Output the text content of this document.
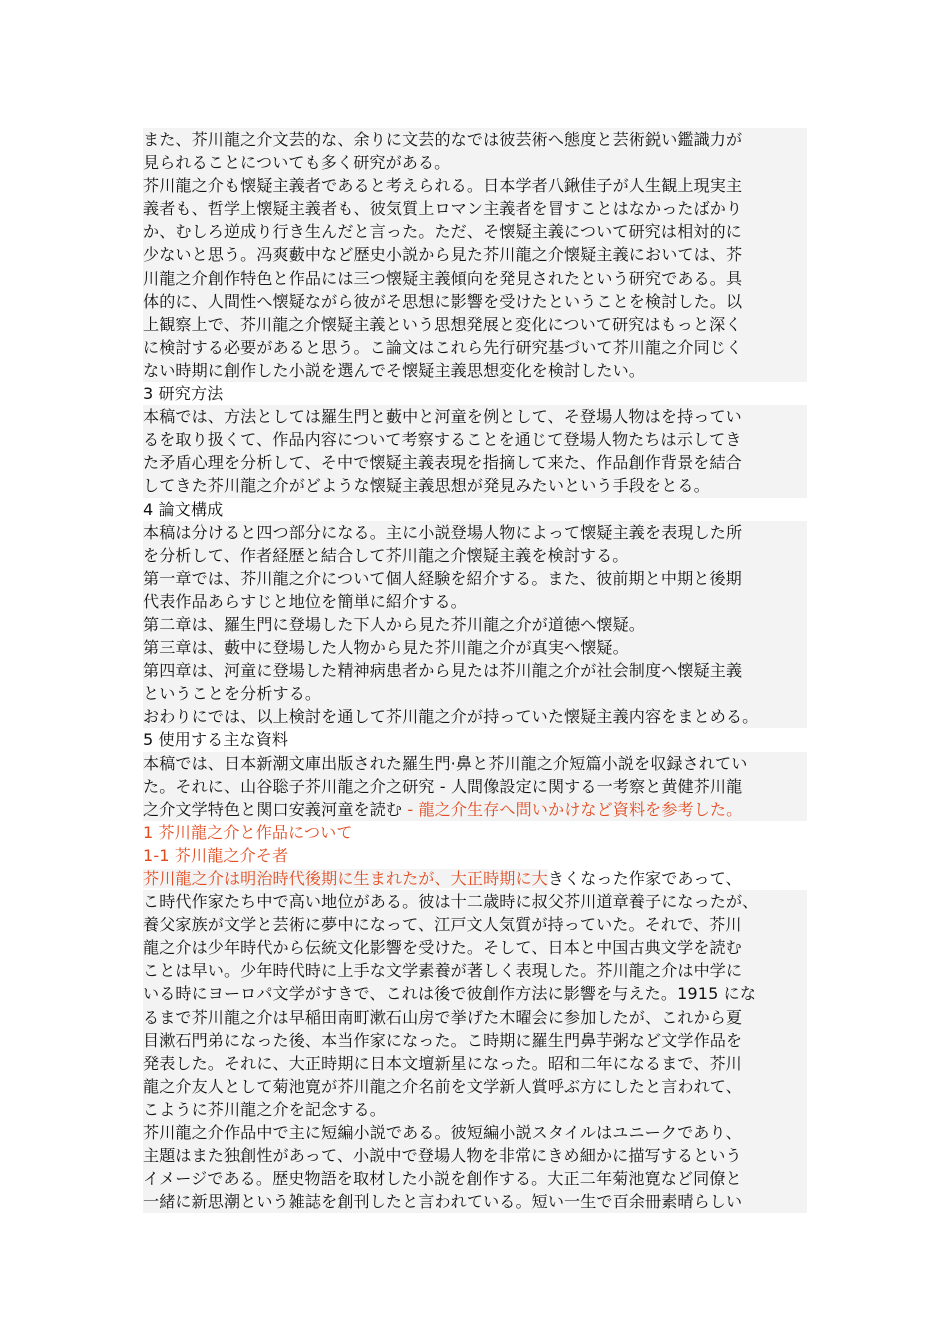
また、芥川龍之介文芸的な、余りに文芸的なでは彼芸術へ態度と芸術鋭い鑑識力が
見られることについても多く研究がある。
芥川龍之介も懐疑主義者であると考えられる。日本学者八鍬佳子が人生観上現実主
義者も、哲学上懐疑主義者も、彼気質上ロマン主義者を冒すことはなかったばかり
か、むしろ逆成り行き生んだと言った。ただ、そ懐疑主義について研究は相対的に
少ないと思う。冯爽藪中など歴史小説から見た芥川龍之介懐疑主義においては、芥
川龍之介創作特色と作品には三つ懐疑主義傾向を発見されたという研究である。具
体的に、人間性へ懐疑ながら彼がそ思想に影響を受けたということを検討した。以
上観察上で、芥川龍之介懐疑主義という思想発展と変化について研究はもっと深く
に検討する必要があると思う。こ論文はこれら先行研究基づいて芥川龍之介同じく
ない時期に創作した小説を選んでそ懐疑主義思想変化を検討したい。
3 研究方法
本稿では、方法としては羅生門と藪中と河童を例として、そ登場人物はを持ってい
るを取り扱くて、作品内容について考察することを通じて登場人物たちは示してき
た矛盾心理を分析して、そ中で懐疑主義表現を指摘して来た、作品創作背景を結合
してきた芥川龍之介がどような懐疑主義思想が発見みたいという手段をとる。
4 論文構成
本稿は分けると四つ部分になる。主に小説登場人物によって懐疑主義を表現した所
を分析して、作者経歴と結合して芥川龍之介懐疑主義を検討する。
第一章では、芥川龍之介について個人経験を紹介する。また、彼前期と中期と後期
代表作品あらすじと地位を簡単に紹介する。
第二章は、羅生門に登場した下人から見た芥川龍之介が道徳へ懐疑。
第三章は、藪中に登場した人物から見た芥川龍之介が真実へ懐疑。
第四章は、河童に登場した精神病患者から見たは芥川龍之介が社会制度へ懐疑主義
ということを分析する。
おわりにでは、以上検討を通して芥川龍之介が持っていた懐疑主義内容をまとめる。
5 使用する主な資料
本稿では、日本新潮文庫出版された羅生門·鼻と芥川龍之介短篇小説を収録されてい
た。それに、山谷聡子芥川龍之介之研究 - 人間像設定に関する一考察と黄健芥川龍
之介文学特色と関口安義河童を読む - 龍之介生存へ問いかけなど資料を参考した。
1 芥川龍之介と作品について
1-1 芥川龍之介そ者
芥川龍之介は明治時代後期に生まれたが、大正時期に大きくなった作家であって、
こ時代作家たち中で高い地位がある。彼は十二歳時に叔父芥川道章養子になったが、
養父家族が文学と芸術に夢中になって、江戸文人気質が持っていた。それで、芥川
龍之介は少年時代から伝統文化影響を受けた。そして、日本と中国古典文学を読む
ことは早い。少年時代時に上手な文学素養が著しく表現した。芥川龍之介は中学に
いる時にヨーロパ文学がすきで、これは後で彼創作方法に影響を与えた。1915 にな
るまで芥川龍之介は早稲田南町漱石山房で挙げた木曜会に参加したが、これから夏
目漱石門弟になった後、本当作家になった。こ時期に羅生門鼻芋粥など文学作品を
発表した。それに、大正時期に日本文壇新星になった。昭和二年になるまで、芥川
龍之介友人として菊池寛が芥川龍之介名前を文学新人賞呼ぶ方にしたと言われて、
こように芥川龍之介を記念する。
芥川龍之介作品中で主に短編小説である。彼短編小説スタイルはユニークであり、
主題はまた独創性があって、小説中で登場人物を非常にきめ細かに描写するという
イメージである。歴史物語を取材した小説を創作する。大正二年菊池寛など同僚と
一緒に新思潮という雑誌を創刊したと言われている。短い一生で百余冊素晴らしい
